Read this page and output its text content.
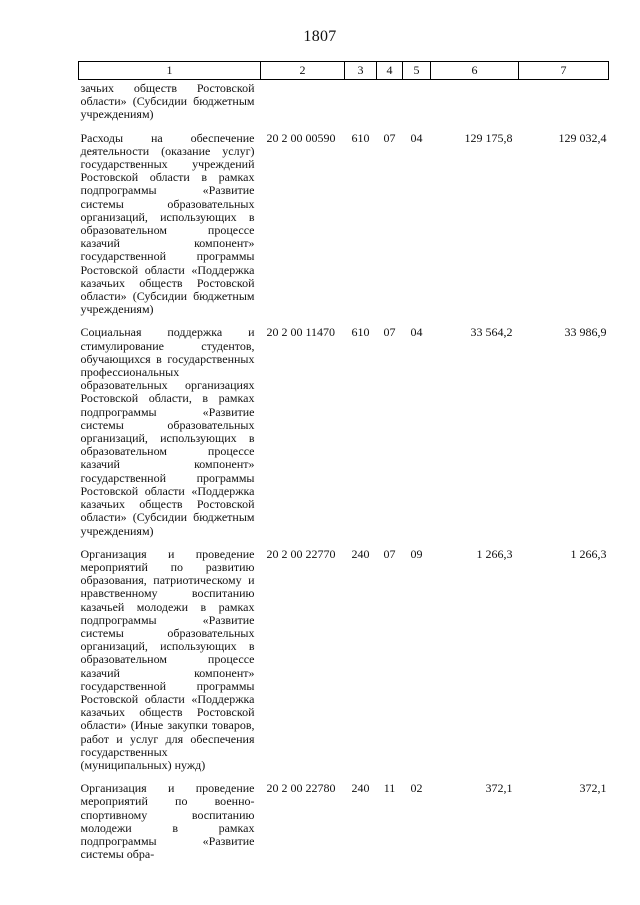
1807
1	2	3	4	5	6	7
зачьих обществ Ростовской области» (Субсидии бюджетным учреждениям)						
Расходы на обеспечение деятельности (оказание услуг) государственных учреждений Ростовской области в рамках подпрограммы «Развитие системы образовательных организаций, использующих в образовательном процессе казачий компонент» государственной программы Ростовской области «Поддержка казачьих обществ Ростовской области» (Субсидии бюджетным учреждениям)	20 2 00 00590	610	07	04	129 175,8	129 032,4
Социальная поддержка и стимулирование студентов, обучающихся в государственных профессиональных образовательных организациях Ростовской области, в рамках подпрограммы «Развитие системы образовательных организаций, использующих в образовательном процессе казачий компонент» государственной программы Ростовской области «Поддержка казачьих обществ Ростовской области» (Субсидии бюджетным учреждениям)	20 2 00 11470	610	07	04	33 564,2	33 986,9
Организация и проведение мероприятий по развитию образования, патриотическому и нравственному воспитанию казачьей молодежи в рамках подпрограммы «Развитие системы образовательных организаций, использующих в образовательном процессе казачий компонент» государственной программы Ростовской области «Поддержка казачьих обществ Ростовской области» (Иные закупки товаров, работ и услуг для обеспечения государственных (муниципальных) нужд)	20 2 00 22770	240	07	09	1 266,3	1 266,3
Организация и проведение мероприятий по военно-спортивному воспитанию молодежи в рамках подпрограммы «Развитие системы обра-	20 2 00 22780	240	11	02	372,1	372,1
